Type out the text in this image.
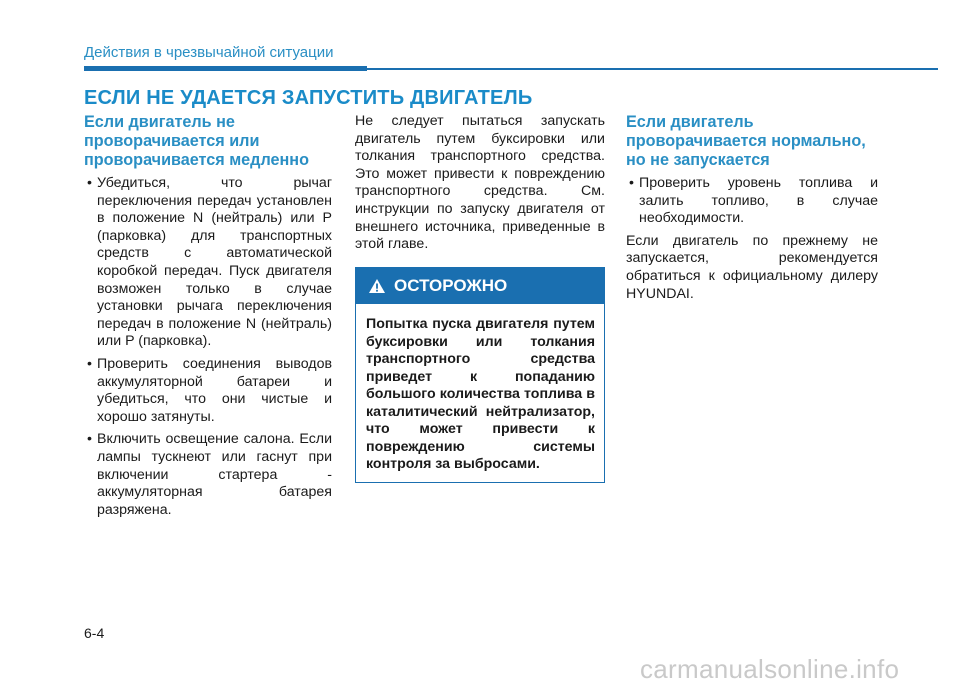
Действия в чрезвычайной ситуации
ЕСЛИ НЕ УДАЕТСЯ ЗАПУСТИТЬ ДВИГАТЕЛЬ
Если двигатель не проворачивается или проворачивается медленно
• Убедиться, что рычаг переключения передач установлен в положение N (нейтраль) или P (парковка) для транспортных средств с автоматической коробкой передач. Пуск двигателя возможен только в случае установки рычага переключения передач в положение N (нейтраль) или P (парковка).
• Проверить соединения выводов аккумуляторной батареи и убедиться, что они чистые и хорошо затянуты.
• Включить освещение салона. Если лампы тускнеют или гаснут при включении стартера - аккумуляторная батарея разряжена.

Не следует пытаться запускать двигатель путем буксировки или толкания транспортного средства. Это может привести к повреждению транспортного средства. См. инструкции по запуску двигателя от внешнего источника, приведенные в этой главе.

ОСТОРОЖНО
Попытка пуска двигателя путем буксировки или толкания транспортного средства приведет к попаданию большого количества топлива в каталитический нейтрализатор, что может привести к повреждению системы контроля за выбросами.
Если двигатель проворачивается нормально, но не запускается
• Проверить уровень топлива и залить топливо, в случае необходимости.

Если двигатель по прежнему не запускается, рекомендуется обратиться к официальному дилеру HYUNDAI.

6-4
carmanualsonline.info
